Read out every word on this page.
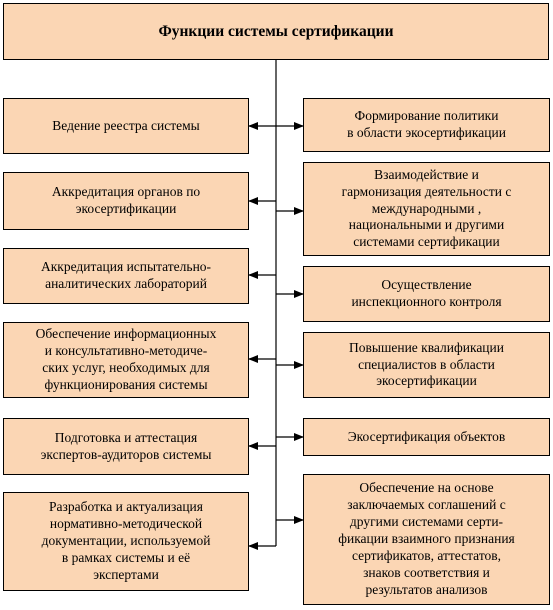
Функции системы сертификации
Ведение реестра системы
Аккредитация органов по
экосертификации
Аккредитация испытательно-
аналитических лабораторий
Обеспечение информационных
и консультативно-методиче-
ских услуг, необходимых для
функционирования системы
Подготовка и аттестация
экспертов-аудиторов системы
Разработка и актуализация
нормативно-методической
документации, используемой
в рамках системы и её
экспертами
Формирование политики
в области экосертификации
Взаимодействие и
гармонизация деятельности с
международными ,
национальными и другими
системами сертификации
Осуществление
инспекционного контроля
Повышение квалификации
специалистов в области
экосертификации
Экосертификация объектов
Обеспечение на основе
заключаемых соглашений с
другими системами серти-
фикации взаимного признания
сертификатов, аттестатов,
знаков соответствия и
результатов анализов
